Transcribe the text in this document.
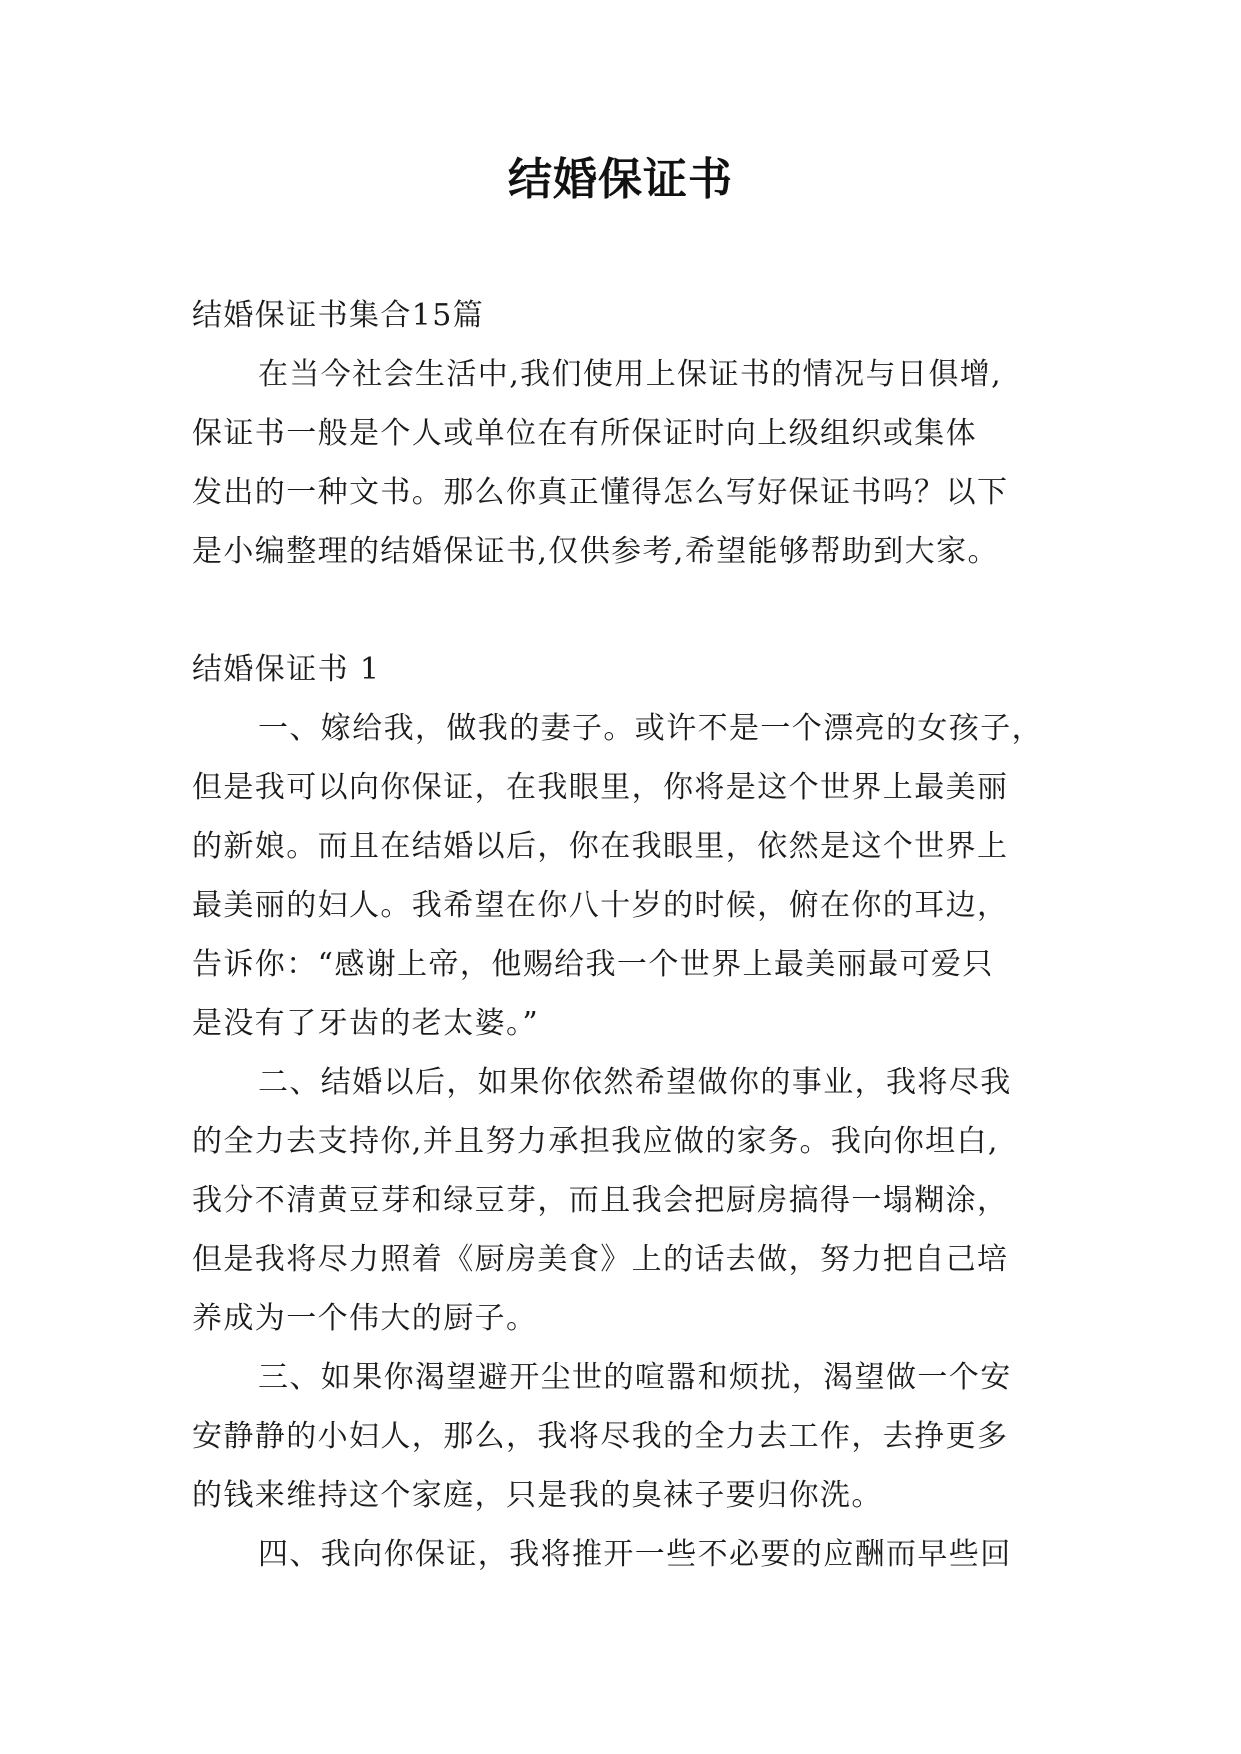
结婚保证书
结婚保证书集合15篇
在当今社会生活中,我们使用上保证书的情况与日俱增,
保证书一般是个人或单位在有所保证时向上级组织或集体
发出的一种文书。那么你真正懂得怎么写好保证书吗？以下
是小编整理的结婚保证书,仅供参考,希望能够帮助到大家。
结婚保证书 1
一、嫁给我，做我的妻子。或许不是一个漂亮的女孩子，
但是我可以向你保证，在我眼里，你将是这个世界上最美丽
的新娘。而且在结婚以后，你在我眼里，依然是这个世界上
最美丽的妇人。我希望在你八十岁的时候，俯在你的耳边，
告诉你：“感谢上帝，他赐给我一个世界上最美丽最可爱只
是没有了牙齿的老太婆。”
二、结婚以后，如果你依然希望做你的事业，我将尽我
的全力去支持你,并且努力承担我应做的家务。我向你坦白,
我分不清黄豆芽和绿豆芽，而且我会把厨房搞得一塌糊涂，
但是我将尽力照着《厨房美食》上的话去做，努力把自己培
养成为一个伟大的厨子。
三、如果你渴望避开尘世的喧嚣和烦扰，渴望做一个安
安静静的小妇人，那么，我将尽我的全力去工作，去挣更多
的钱来维持这个家庭，只是我的臭袜子要归你洗。
四、我向你保证，我将推开一些不必要的应酬而早些回
